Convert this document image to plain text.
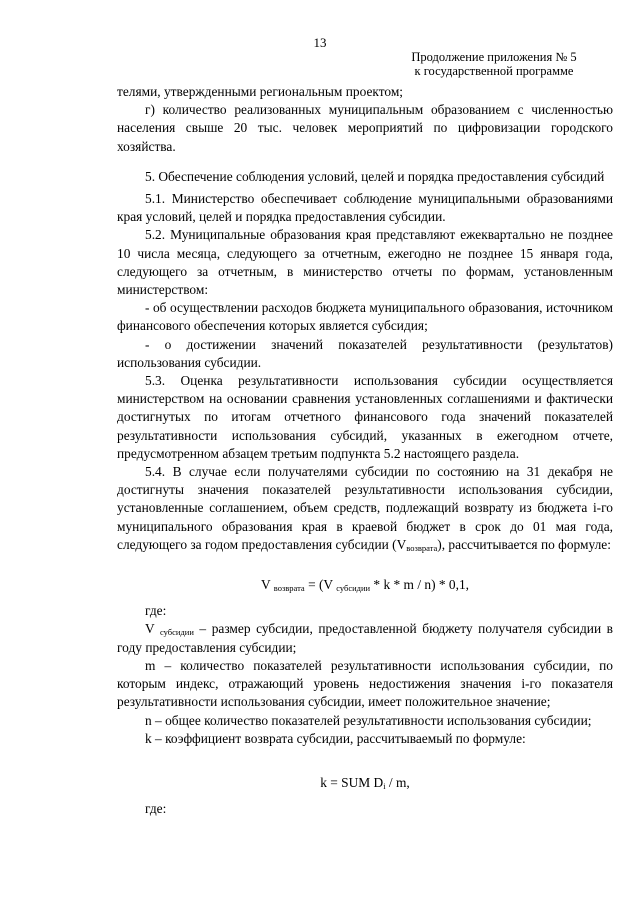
13
Продолжение приложения № 5
к государственной программе

телями, утвержденными региональным проектом;

г) количество реализованных муниципальным образованием с численностью населения свыше 20 тыс. человек мероприятий по цифровизации городского хозяйства.

5. Обеспечение соблюдения условий, целей и порядка предоставления субсидий

5.1. Министерство обеспечивает соблюдение муниципальными образованиями края условий, целей и порядка предоставления субсидии.

5.2. Муниципальные образования края представляют ежеквартально не позднее 10 числа месяца, следующего за отчетным, ежегодно не позднее 15 января года, следующего за отчетным, в министерство отчеты по формам, установленным министерством:

- об осуществлении расходов бюджета муниципального образования, источником финансового обеспечения которых является субсидия;

- о достижении значений показателей результативности (результатов) использования субсидии.

5.3. Оценка результативности использования субсидии осуществляется министерством на основании сравнения установленных соглашениями и фактически достигнутых по итогам отчетного финансового года значений показателей результативности использования субсидий, указанных в ежегодном отчете, предусмотренном абзацем третьим подпункта 5.2 настоящего раздела.

5.4. В случае если получателями субсидии по состоянию на 31 декабря не достигнуты значения показателей результативности использования субсидии, установленные соглашением, объем средств, подлежащий возврату из бюджета i-го муниципального образования края в краевой бюджет в срок до 01 мая года, следующего за годом предоставления субсидии $(V_{возврата})$, рассчитывается по формуле:

V $_{возврата}$ = (V $_{субсидии}$ * k * m / n) * 0,1,

где:

V $_{субсидии}$ – размер субсидии, предоставленной бюджету получателя субсидии в году предоставления субсидии;

m – количество показателей результативности использования субсидии, по которым индекс, отражающий уровень недостижения значения i-го показателя результативности использования субсидии, имеет положительное значение;

n – общее количество показателей результативности использования субсидии;

k – коэффициент возврата субсидии, рассчитываемый по формуле:

k = SUM $D_i$ / m,

где:
